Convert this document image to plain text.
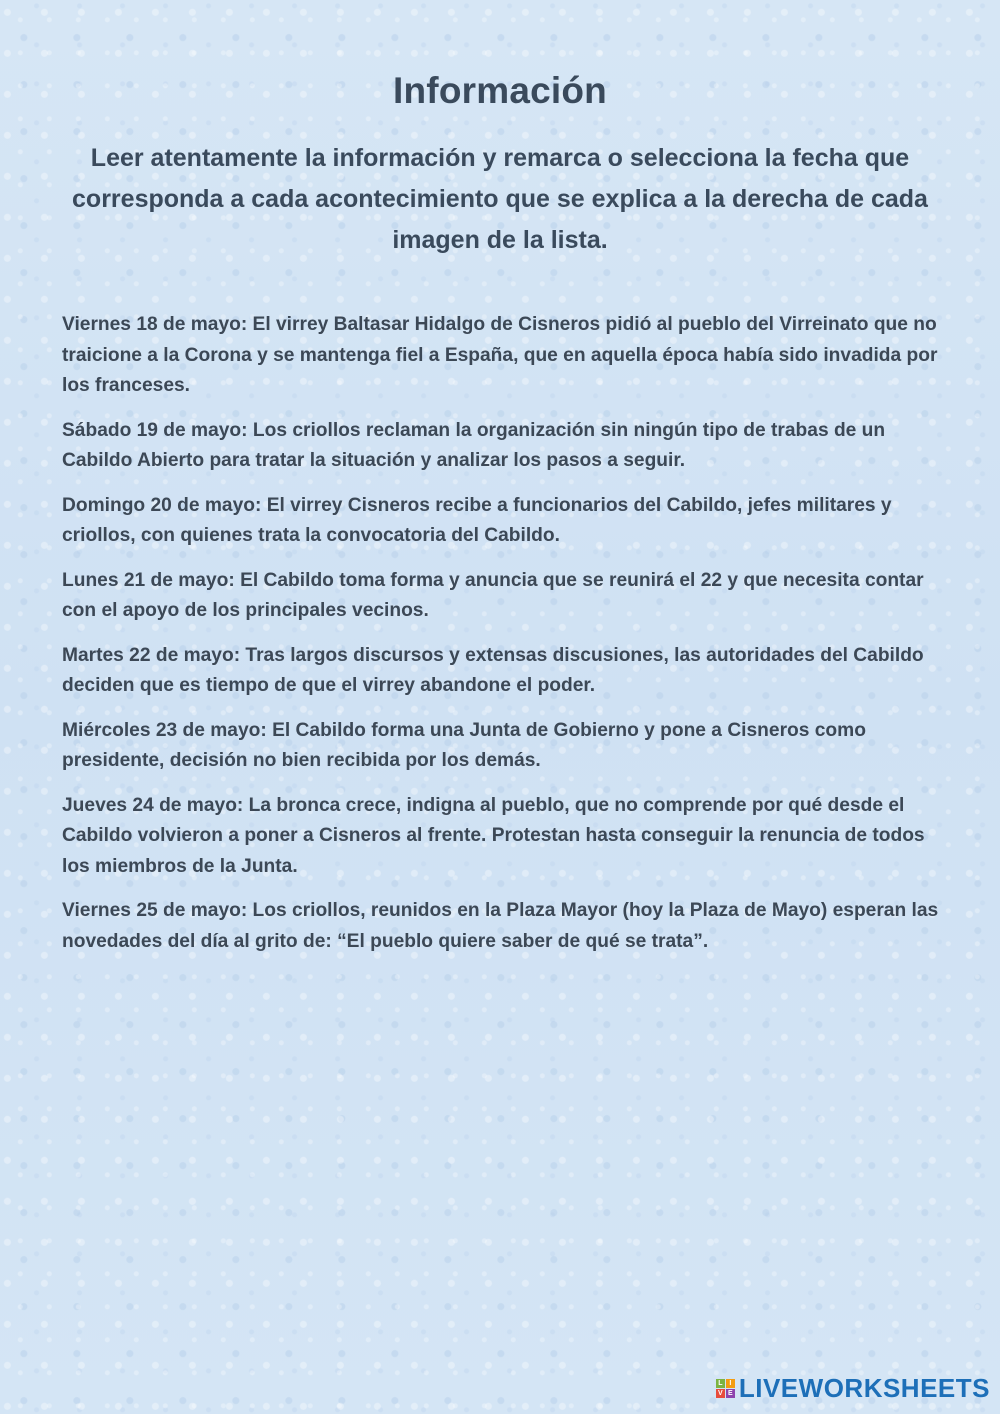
Información

Leer atentamente la información y remarca o selecciona la fecha que corresponda a cada acontecimiento que se explica a la derecha de cada imagen de la lista.

Viernes 18 de mayo: El virrey Baltasar Hidalgo de Cisneros pidió al pueblo del Virreinato que no traicione a la Corona y se mantenga fiel a España, que en aquella época había sido invadida por los franceses.

Sábado 19 de mayo: Los criollos reclaman la organización sin ningún tipo de trabas de un Cabildo Abierto para tratar la situación y analizar los pasos a seguir.

Domingo 20 de mayo: El virrey Cisneros recibe a funcionarios del Cabildo, jefes militares y criollos, con quienes trata la convocatoria del Cabildo.

Lunes 21 de mayo: El Cabildo toma forma y anuncia que se reunirá el 22 y que necesita contar con el apoyo de los principales vecinos.

Martes 22 de mayo: Tras largos discursos y extensas discusiones, las autoridades del Cabildo deciden que es tiempo de que el virrey abandone el poder.

Miércoles 23 de mayo: El Cabildo forma una Junta de Gobierno y pone a Cisneros como presidente, decisión no bien recibida por los demás.

Jueves 24 de mayo: La bronca crece, indigna al pueblo, que no comprende por qué desde el Cabildo volvieron a poner a Cisneros al frente. Protestan hasta conseguir la renuncia de todos los miembros de la Junta.

Viernes 25 de mayo: Los criollos, reunidos en la Plaza Mayor (hoy la Plaza de Mayo) esperan las novedades del día al grito de: “El pueblo quiere saber de qué se trata”.

L I
V E LIVEWORKSHEETS
